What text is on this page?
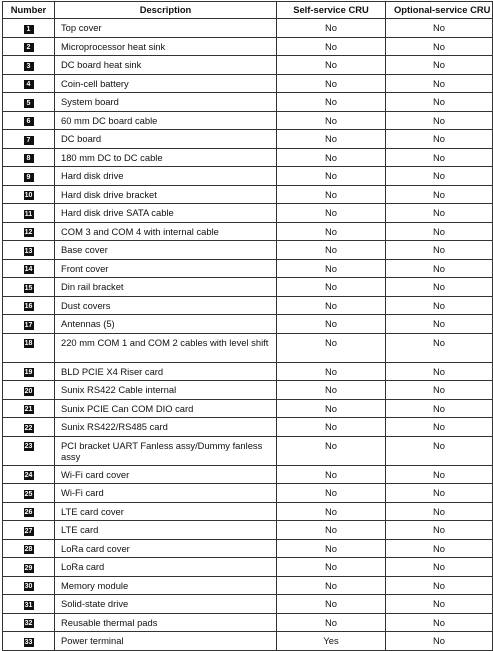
Number	Description	Self-service CRU	Optional-service CRU
1	Top cover	No	No
2	Microprocessor heat sink	No	No
3	DC board heat sink	No	No
4	Coin-cell battery	No	No
5	System board	No	No
6	60 mm DC board cable	No	No
7	DC board	No	No
8	180 mm DC to DC cable	No	No
9	Hard disk drive	No	No
10	Hard disk drive bracket	No	No
11	Hard disk drive SATA cable	No	No
12	COM 3 and COM 4 with internal cable	No	No
13	Base cover	No	No
14	Front cover	No	No
15	Din rail bracket	No	No
16	Dust covers	No	No
17	Antennas (5)	No	No
18	220 mm COM 1 and COM 2 cables with level shift	No	No
19	BLD PCIE X4 Riser card	No	No
20	Sunix RS422 Cable internal	No	No
21	Sunix PCIE Can COM DIO card	No	No
22	Sunix RS422/RS485 card	No	No
23	PCI bracket UART Fanless assy/Dummy fanless assy	No	No
24	Wi-Fi card cover	No	No
25	Wi-Fi card	No	No
26	LTE card cover	No	No
27	LTE card	No	No
28	LoRa card cover	No	No
29	LoRa card	No	No
30	Memory module	No	No
31	Solid-state drive	No	No
32	Reusable thermal pads	No	No
33	Power terminal	Yes	No
